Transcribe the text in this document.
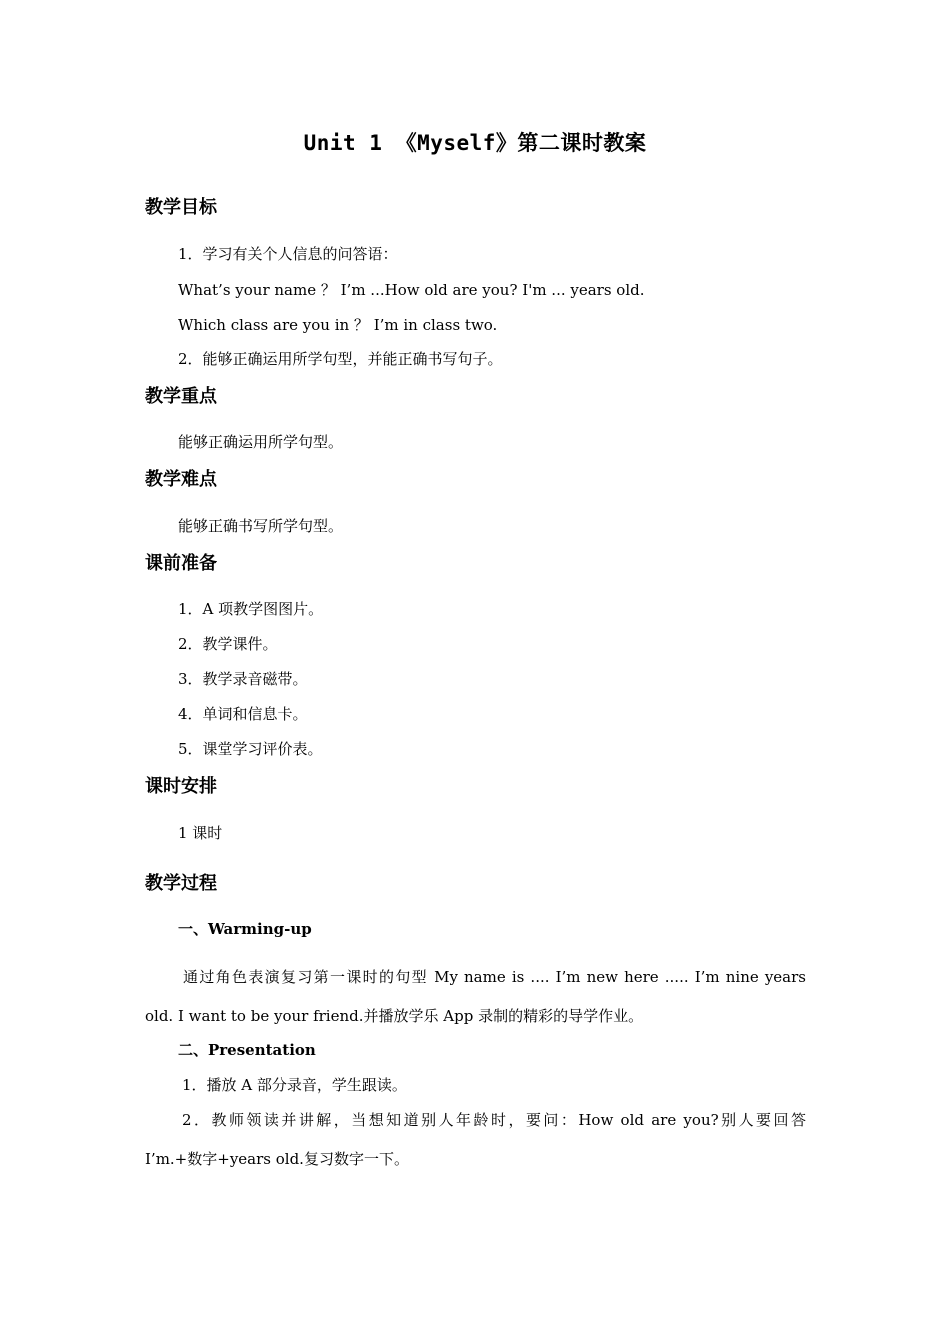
Unit 1 《Myself》第二课时教案
教学目标
1．学习有关个人信息的问答语：
What’s your name ？ I’m ...How old are you? I'm ... years old.
Which class are you in ？ I’m in class two.
2．能够正确运用所学句型，并能正确书写句子。
教学重点
能够正确运用所学句型。
教学难点
能够正确书写所学句型。
课前准备
1．A 项教学图图片。
2．教学课件。
3．教学录音磁带。
4．单词和信息卡。
5．课堂学习评价表。
课时安排
1 课时
教学过程
一、Warming-up
通过角色表演复习第一课时的句型 My name is .... I’m new here ..... I’m nine years
old. I want to be your friend.并播放学乐 App 录制的精彩的导学作业。
二、Presentation
1．播放 A 部分录音，学生跟读。
2．教师领读并讲解，当想知道别人年龄时，要问：How old are you?别人要回答
I’m.+数字+years old.复习数字一下。
